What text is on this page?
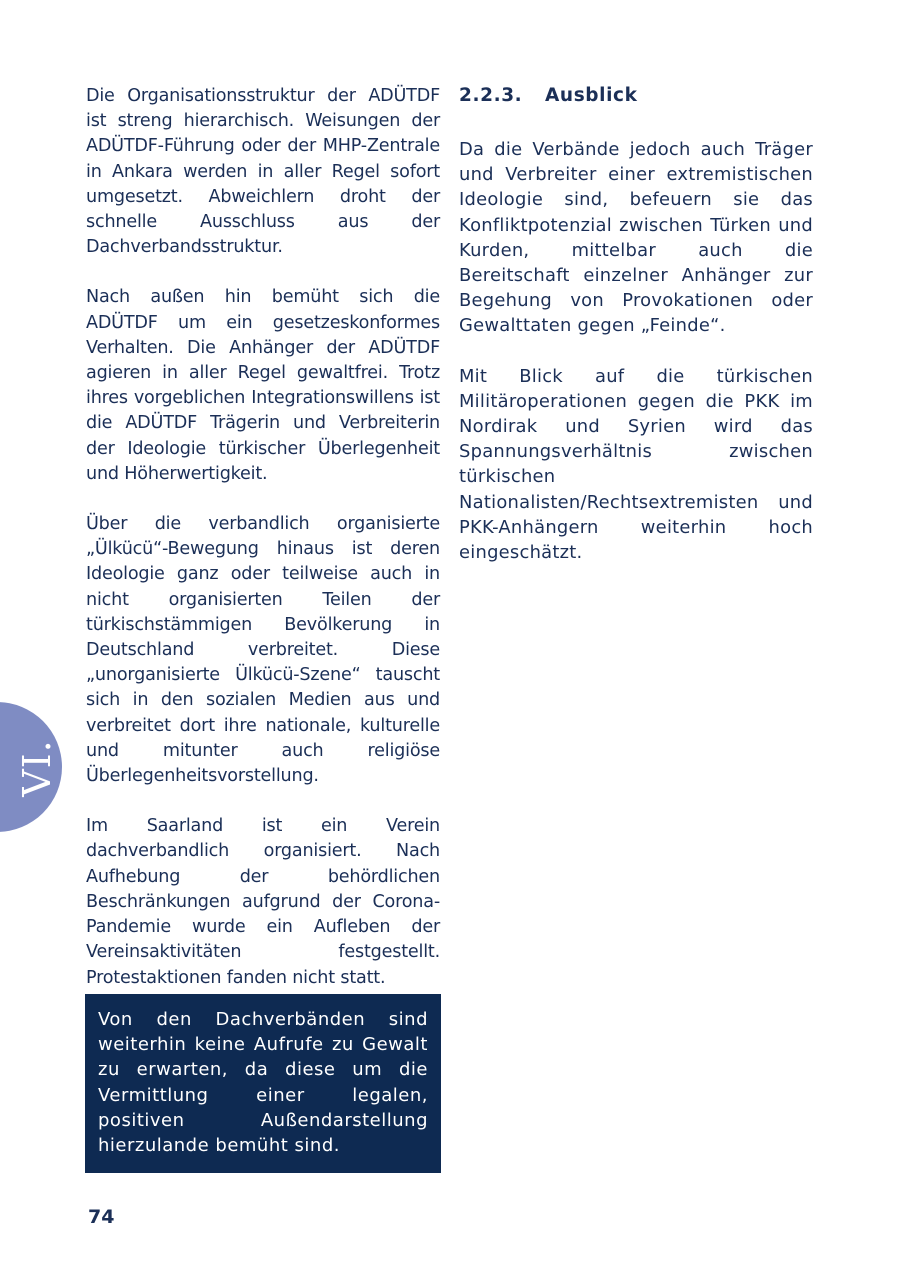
Die Organisationsstruktur der ADÜTDF ist streng hierarchisch. Weisungen der ADÜTDF-Führung oder der MHP-Zentrale in Ankara werden in aller Regel sofort umgesetzt. Abweichlern droht der schnelle Ausschluss aus der Dachverbandsstruktur.

Nach außen hin bemüht sich die ADÜTDF um ein gesetzeskonformes Verhalten. Die Anhänger der ADÜTDF agieren in aller Regel gewaltfrei. Trotz ihres vorgeblichen Integrationswillens ist die ADÜTDF Trägerin und Verbreiterin der Ideologie türkischer Überlegenheit und Höherwertigkeit.

Über die verbandlich organisierte „Ülkücü“-Bewegung hinaus ist deren Ideologie ganz oder teilweise auch in nicht organisierten Teilen der türkischstämmigen Bevölkerung in Deutschland verbreitet. Diese „unorganisierte Ülkücü-Szene“ tauscht sich in den sozialen Medien aus und verbreitet dort ihre nationale, kulturelle und mitunter auch religiöse Überlegenheitsvorstellung.

Im Saarland ist ein Verein dachverbandlich organisiert. Nach Aufhebung der behördlichen Beschränkungen aufgrund der Corona-Pandemie wurde ein Aufleben der Vereinsaktivitäten festgestellt. Protestaktionen fanden nicht statt.

Von den Dachverbänden sind weiterhin keine Aufrufe zu Gewalt zu erwarten, da diese um die Vermittlung einer legalen, positiven Außendarstellung hierzulande bemüht sind.

2.2.3.	Ausblick

Da die Verbände jedoch auch Träger und Verbreiter einer extremistischen Ideologie sind, befeuern sie das Konfliktpotenzial zwischen Türken und Kurden, mittelbar auch die Bereitschaft einzelner Anhänger zur Begehung von Provokationen oder Gewalttaten gegen „Feinde“.

Mit Blick auf die türkischen Militäroperationen gegen die PKK im Nordirak und Syrien wird das Spannungsverhältnis zwischen türkischen Nationalisten/Rechtsextremisten und PKK-Anhängern weiterhin hoch eingeschätzt.

VI.
74
